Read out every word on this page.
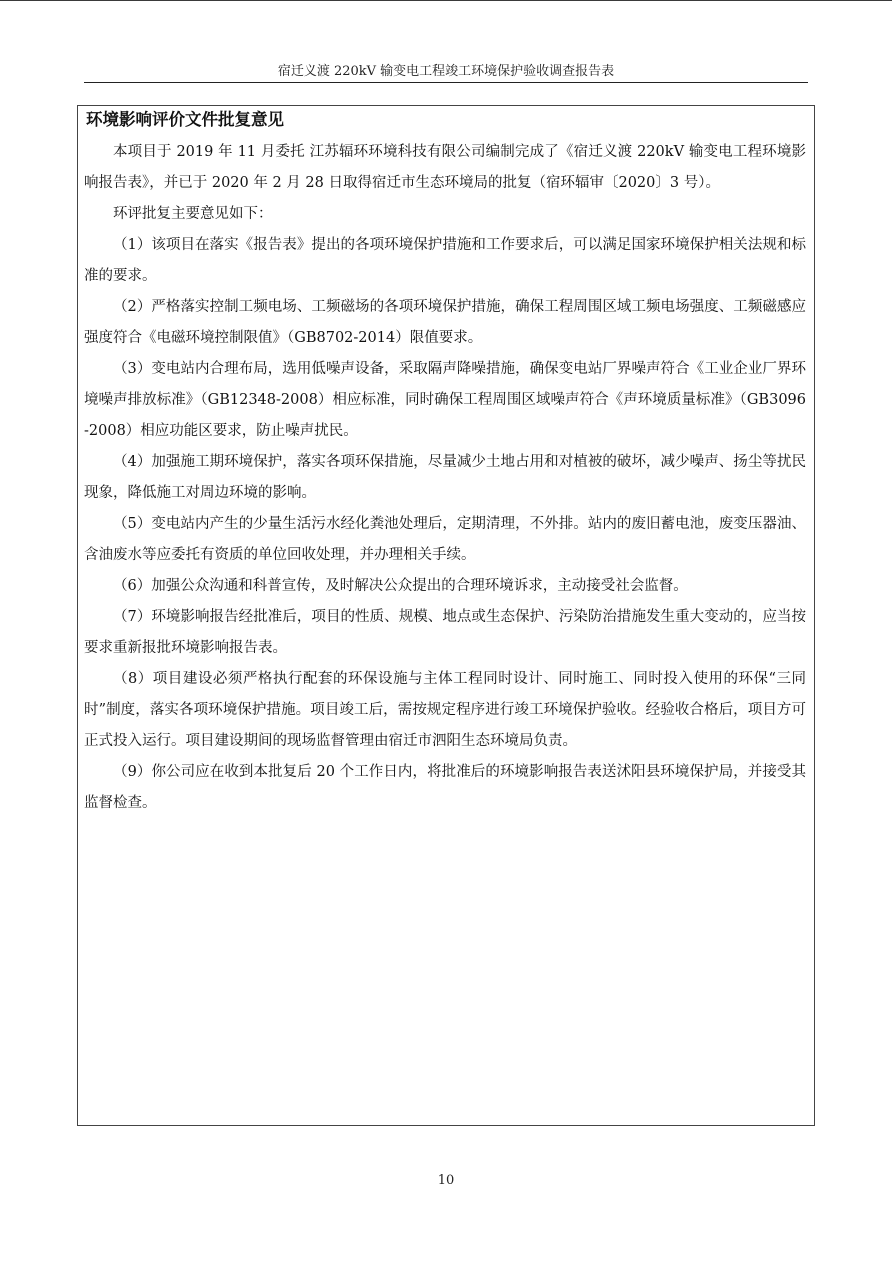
宿迁义渡 220kV 输变电工程竣工环境保护验收调查报告表
环境影响评价文件批复意见

本项目于 2019 年 11 月委托 江苏辐环环境科技有限公司编制完成了《宿迁义渡 220kV 输变电工程环境影响报告表》，并已于 2020 年 2 月 28 日取得宿迁市生态环境局的批复（宿环辐审〔2020〕3 号）。

环评批复主要意见如下：

（1）该项目在落实《报告表》提出的各项环境保护措施和工作要求后，可以满足国家环境保护相关法规和标准的要求。

（2）严格落实控制工频电场、工频磁场的各项环境保护措施，确保工程周围区域工频电场强度、工频磁感应强度符合《电磁环境控制限值》（GB8702-2014）限值要求。

（3）变电站内合理布局，选用低噪声设备，采取隔声降噪措施，确保变电站厂界噪声符合《工业企业厂界环境噪声排放标准》（GB12348-2008）相应标准，同时确保工程周围区域噪声符合《声环境质量标准》（GB3096-2008）相应功能区要求，防止噪声扰民。

（4）加强施工期环境保护，落实各项环保措施，尽量减少土地占用和对植被的破坏，减少噪声、扬尘等扰民现象，降低施工对周边环境的影响。

（5）变电站内产生的少量生活污水经化粪池处理后，定期清理，不外排。站内的废旧蓄电池，废变压器油、含油废水等应委托有资质的单位回收处理，并办理相关手续。

（6）加强公众沟通和科普宣传，及时解决公众提出的合理环境诉求，主动接受社会监督。

（7）环境影响报告经批准后，项目的性质、规模、地点或生态保护、污染防治措施发生重大变动的，应当按要求重新报批环境影响报告表。

（8）项目建设必须严格执行配套的环保设施与主体工程同时设计、同时施工、同时投入使用的环保“三同时”制度，落实各项环境保护措施。项目竣工后，需按规定程序进行竣工环境保护验收。经验收合格后，项目方可正式投入运行。项目建设期间的现场监督管理由宿迁市泗阳生态环境局负责。

（9）你公司应在收到本批复后 20 个工作日内，将批准后的环境影响报告表送沭阳县环境保护局，并接受其监督检查。

10
